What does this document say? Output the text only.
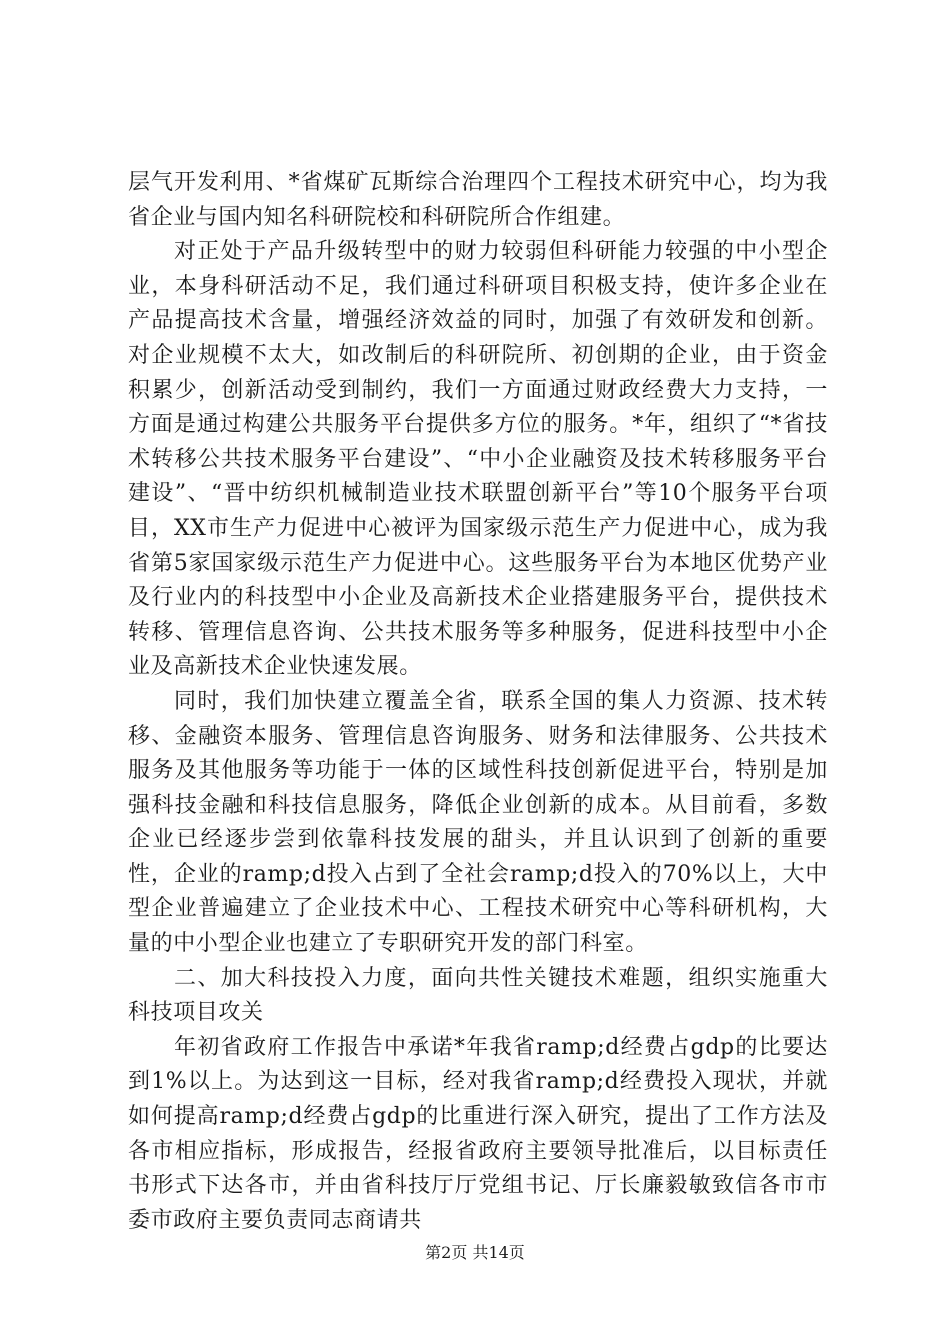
层气开发利用、*省煤矿瓦斯综合治理四个工程技术研究中心，均为我省企业与国内知名科研院校和科研院所合作组建。

对正处于产品升级转型中的财力较弱但科研能力较强的中小型企业，本身科研活动不足，我们通过科研项目积极支持，使许多企业在产品提高技术含量，增强经济效益的同时，加强了有效研发和创新。对企业规模不太大，如改制后的科研院所、初创期的企业，由于资金积累少，创新活动受到制约，我们一方面通过财政经费大力支持，一方面是通过构建公共服务平台提供多方位的服务。*年，组织了“*省技术转移公共技术服务平台建设”、“中小企业融资及技术转移服务平台建设”、“晋中纺织机械制造业技术联盟创新平台”等10个服务平台项目，XX市生产力促进中心被评为国家级示范生产力促进中心，成为我省第5家国家级示范生产力促进中心。这些服务平台为本地区优势产业及行业内的科技型中小企业及高新技术企业搭建服务平台，提供技术转移、管理信息咨询、公共技术服务等多种服务，促进科技型中小企业及高新技术企业快速发展。

同时，我们加快建立覆盖全省，联系全国的集人力资源、技术转移、金融资本服务、管理信息咨询服务、财务和法律服务、公共技术服务及其他服务等功能于一体的区域性科技创新促进平台，特别是加强科技金融和科技信息服务，降低企业创新的成本。从目前看，多数企业已经逐步尝到依靠科技发展的甜头，并且认识到了创新的重要性，企业的ramp;d投入占到了全社会ramp;d投入的70%以上，大中型企业普遍建立了企业技术中心、工程技术研究中心等科研机构，大量的中小型企业也建立了专职研究开发的部门科室。

二、加大科技投入力度，面向共性关键技术难题，组织实施重大科技项目攻关

年初省政府工作报告中承诺*年我省ramp;d经费占gdp的比要达到1%以上。为达到这一目标，经对我省ramp;d经费投入现状，并就如何提高ramp;d经费占gdp的比重进行深入研究，提出了工作方法及各市相应指标，形成报告，经报省政府主要领导批准后，以目标责任书形式下达各市，并由省科技厅厅党组书记、厅长廉毅敏致信各市市委市政府主要负责同志商请共

第2页 共14页
